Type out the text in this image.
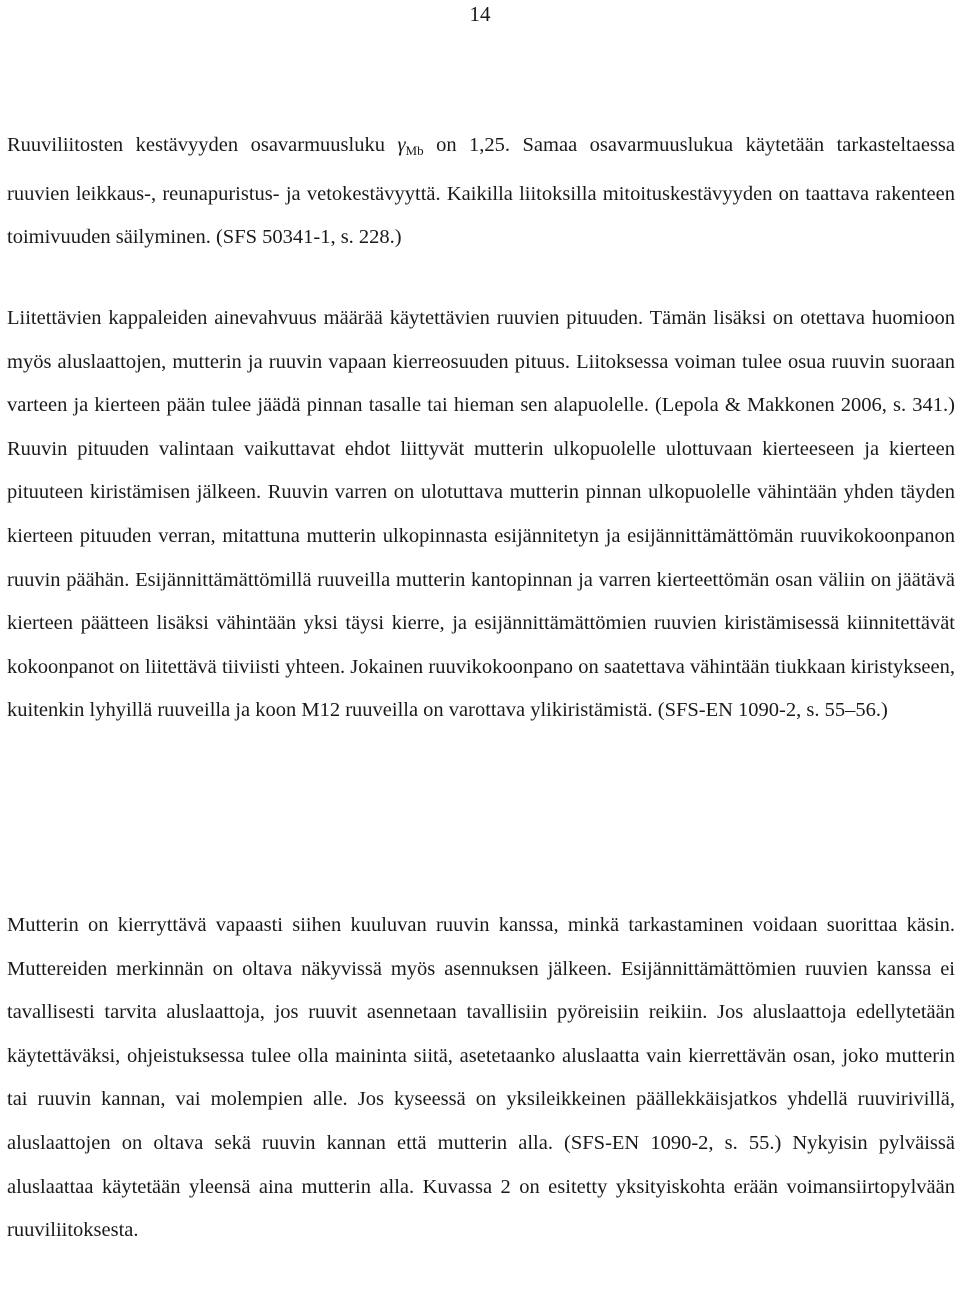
14

Ruuviliitosten kestävyyden osavarmuusluku $\gamma_{Mb}$ on 1,25. Samaa osavarmuuslukua käytetään tarkasteltaessa ruuvien leikkaus-, reunapuristus- ja vetokestävyyttä. Kaikilla liitoksilla mitoituskestävyyden on taattava rakenteen toimivuuden säilyminen. (SFS 50341-1, s. 228.)

Liitettävien kappaleiden ainevahvuus määrää käytettävien ruuvien pituuden. Tämän lisäksi on otettava huomioon myös aluslaattojen, mutterin ja ruuvin vapaan kierreosuuden pituus. Liitoksessa voiman tulee osua ruuvin suoraan varteen ja kierteen pään tulee jäädä pinnan tasalle tai hieman sen alapuolelle. (Lepola & Makkonen 2006, s. 341.) Ruuvin pituuden valintaan vaikuttavat ehdot liittyvät mutterin ulkopuolelle ulottuvaan kierteeseen ja kierteen pituuteen kiristämisen jälkeen. Ruuvin varren on ulotuttava mutterin pinnan ulkopuolelle vähintään yhden täyden kierteen pituuden verran, mitattuna mutterin ulkopinnasta esijännitetyn ja esijännittämättömän ruuvikokoonpanon ruuvin päähän. Esijännittämättömillä ruuveilla mutterin kantopinnan ja varren kierteettömän osan väliin on jäätävä kierteen päätteen lisäksi vähintään yksi täysi kierre, ja esijännittämättömien ruuvien kiristämisessä kiinnitettävät kokoonpanot on liitettävä tiiviisti yhteen. Jokainen ruuvikokoonpano on saatettava vähintään tiukkaan kiristykseen, kuitenkin lyhyillä ruuveilla ja koon M12 ruuveilla on varottava ylikiristämistä. (SFS-EN 1090-2, s. 55–56.)

Mutterin on kierryttävä vapaasti siihen kuuluvan ruuvin kanssa, minkä tarkastaminen voidaan suorittaa käsin. Muttereiden merkinnän on oltava näkyvissä myös asennuksen jälkeen. Esijännittämättömien ruuvien kanssa ei tavallisesti tarvita aluslaattoja, jos ruuvit asennetaan tavallisiin pyöreisiin reikiin. Jos aluslaattoja edellytetään käytettäväksi, ohjeistuksessa tulee olla maininta siitä, asetetaanko aluslaatta vain kierrettävän osan, joko mutterin tai ruuvin kannan, vai molempien alle. Jos kyseessä on yksileikkeinen päällekkäisjatkos yhdellä ruuvirivillä, aluslaattojen on oltava sekä ruuvin kannan että mutterin alla. (SFS-EN 1090-2, s. 55.) Nykyisin pylväissä aluslaattaa käytetään yleensä aina mutterin alla. Kuvassa 2 on esitetty yksityiskohta erään voimansiirtopylvään ruuviliitoksesta.
